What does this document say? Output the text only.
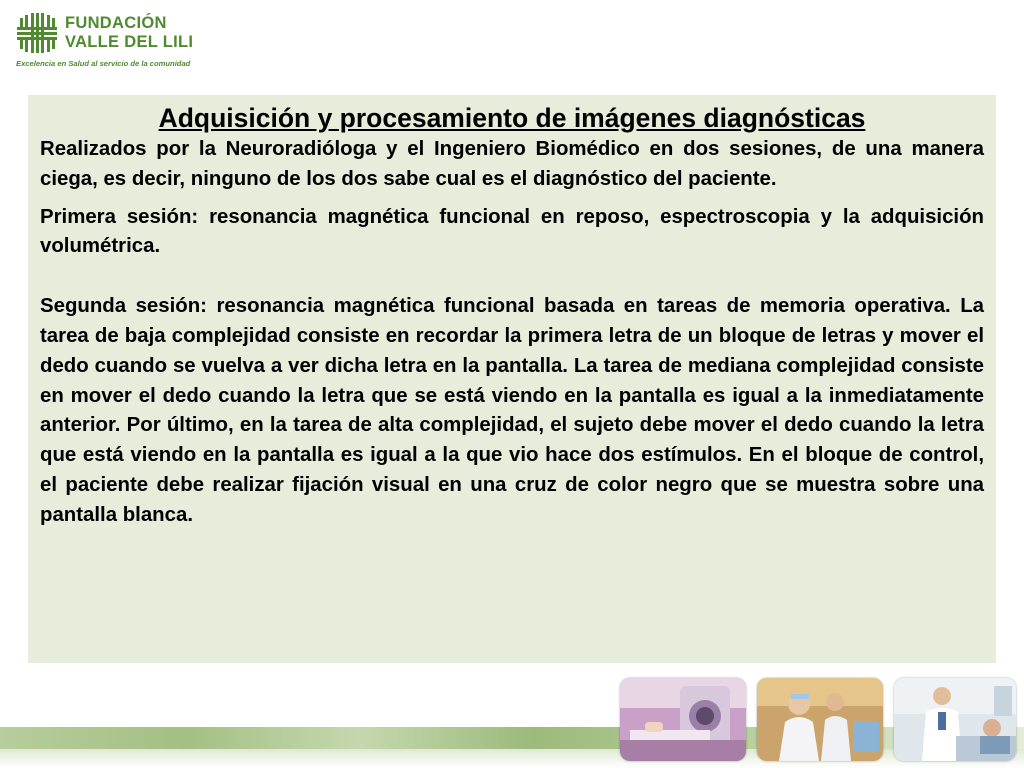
FUNDACIÓN
VALLE DEL LILI
Excelencia en Salud al servicio de la comunidad
Adquisición y procesamiento de imágenes diagnósticas

Realizados por la Neuroradióloga y el Ingeniero Biomédico en dos sesiones, de una manera ciega, es decir, ninguno de los dos sabe cual es el diagnóstico del paciente.

Primera sesión: resonancia magnética funcional en reposo, espectroscopia y la adquisición volumétrica.

Segunda sesión: resonancia magnética funcional basada en tareas de memoria operativa. La tarea de baja complejidad consiste en recordar la primera letra de un bloque de letras y mover el dedo cuando se vuelva a ver dicha letra en la pantalla. La tarea de mediana complejidad consiste en mover el dedo cuando la letra que se está viendo en la pantalla es igual a la inmediatamente anterior. Por último, en la tarea de alta complejidad, el sujeto debe mover el dedo cuando la letra que está viendo en la pantalla es igual a la que vio hace dos estímulos. En el bloque de control, el paciente debe realizar fijación visual en una cruz de color negro que se muestra sobre una pantalla blanca.
